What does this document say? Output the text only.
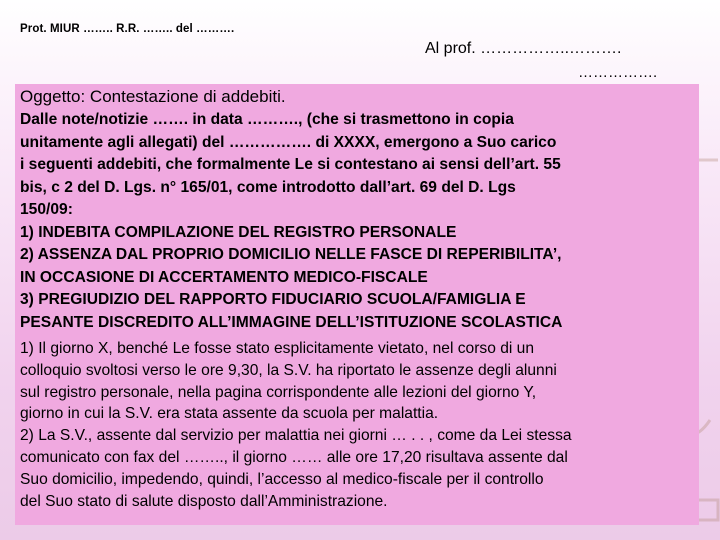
Prot. MIUR …….. R.R. …….. del ……….
Al prof. ……………..……….
…………….
Oggetto: Contestazione di addebiti.
Dalle note/notizie ……. in data ………., (che si trasmettono in copia
unitamente agli allegati) del ……………. di XXXX, emergono a Suo carico
i seguenti addebiti, che formalmente Le si contestano ai sensi dell’art. 55
bis, c 2 del D. Lgs. n° 165/01, come introdotto dall’art. 69 del D. Lgs
150/09:
1) INDEBITA COMPILAZIONE DEL REGISTRO PERSONALE
2) ASSENZA DAL PROPRIO DOMICILIO NELLE FASCE DI REPERIBILITA’,
IN OCCASIONE DI ACCERTAMENTO MEDICO-FISCALE
3) PREGIUDIZIO DEL RAPPORTO FIDUCIARIO SCUOLA/FAMIGLIA E
PESANTE DISCREDITO ALL’IMMAGINE DELL’ISTITUZIONE SCOLASTICA
1) Il giorno X, benché Le fosse stato esplicitamente vietato, nel corso di un
colloquio svoltosi verso le ore 9,30, la S.V. ha riportato le assenze degli alunni
sul registro personale, nella pagina corrispondente alle lezioni del giorno Y,
giorno in cui la S.V. era stata assente da scuola per malattia.
2) La S.V., assente dal servizio per malattia nei giorni … . . , come da Lei stessa
comunicato con fax del …….., il giorno …… alle ore 17,20 risultava assente dal
Suo domicilio, impedendo, quindi, l’accesso al medico-fiscale per il controllo
del Suo stato di salute disposto dall’Amministrazione.
